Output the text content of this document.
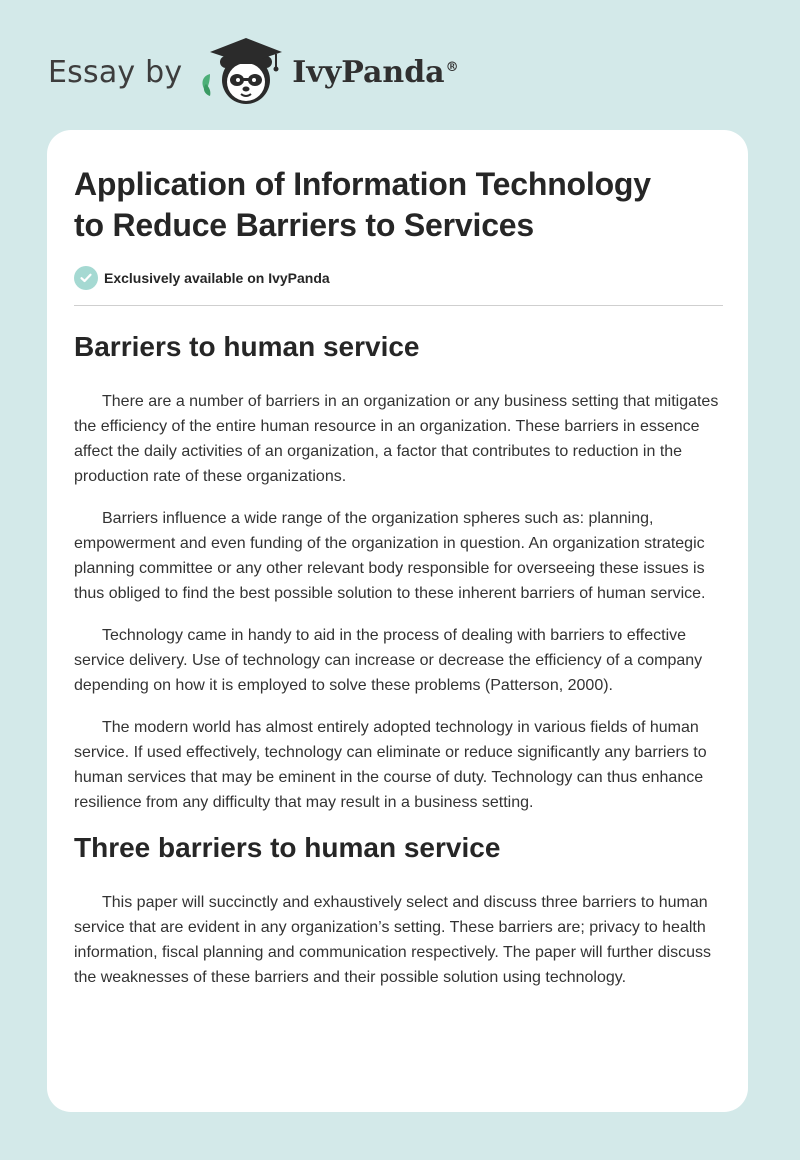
Essay by	IvyPanda®
Application of Information Technology
to Reduce Barriers to Services
Exclusively available on IvyPanda
Barriers to human service

There are a number of barriers in an organization or any business setting that mitigates the efficiency of the entire human resource in an organization. These barriers in essence affect the daily activities of an organization, a factor that contributes to reduction in the production rate of these organizations.

Barriers influence a wide range of the organization spheres such as: planning, empowerment and even funding of the organization in question. An organization strategic planning committee or any other relevant body responsible for overseeing these issues is thus obliged to find the best possible solution to these inherent barriers of human service.

Technology came in handy to aid in the process of dealing with barriers to effective service delivery. Use of technology can increase or decrease the efficiency of a company depending on how it is employed to solve these problems (Patterson, 2000).

The modern world has almost entirely adopted technology in various fields of human service. If used effectively, technology can eliminate or reduce significantly any barriers to human services that may be eminent in the course of duty. Technology can thus enhance resilience from any difficulty that may result in a business setting.

Three barriers to human service

This paper will succinctly and exhaustively select and discuss three barriers to human service that are evident in any organization’s setting. These barriers are; privacy to health information, fiscal planning and communication respectively. The paper will further discuss the weaknesses of these barriers and their possible solution using technology.
